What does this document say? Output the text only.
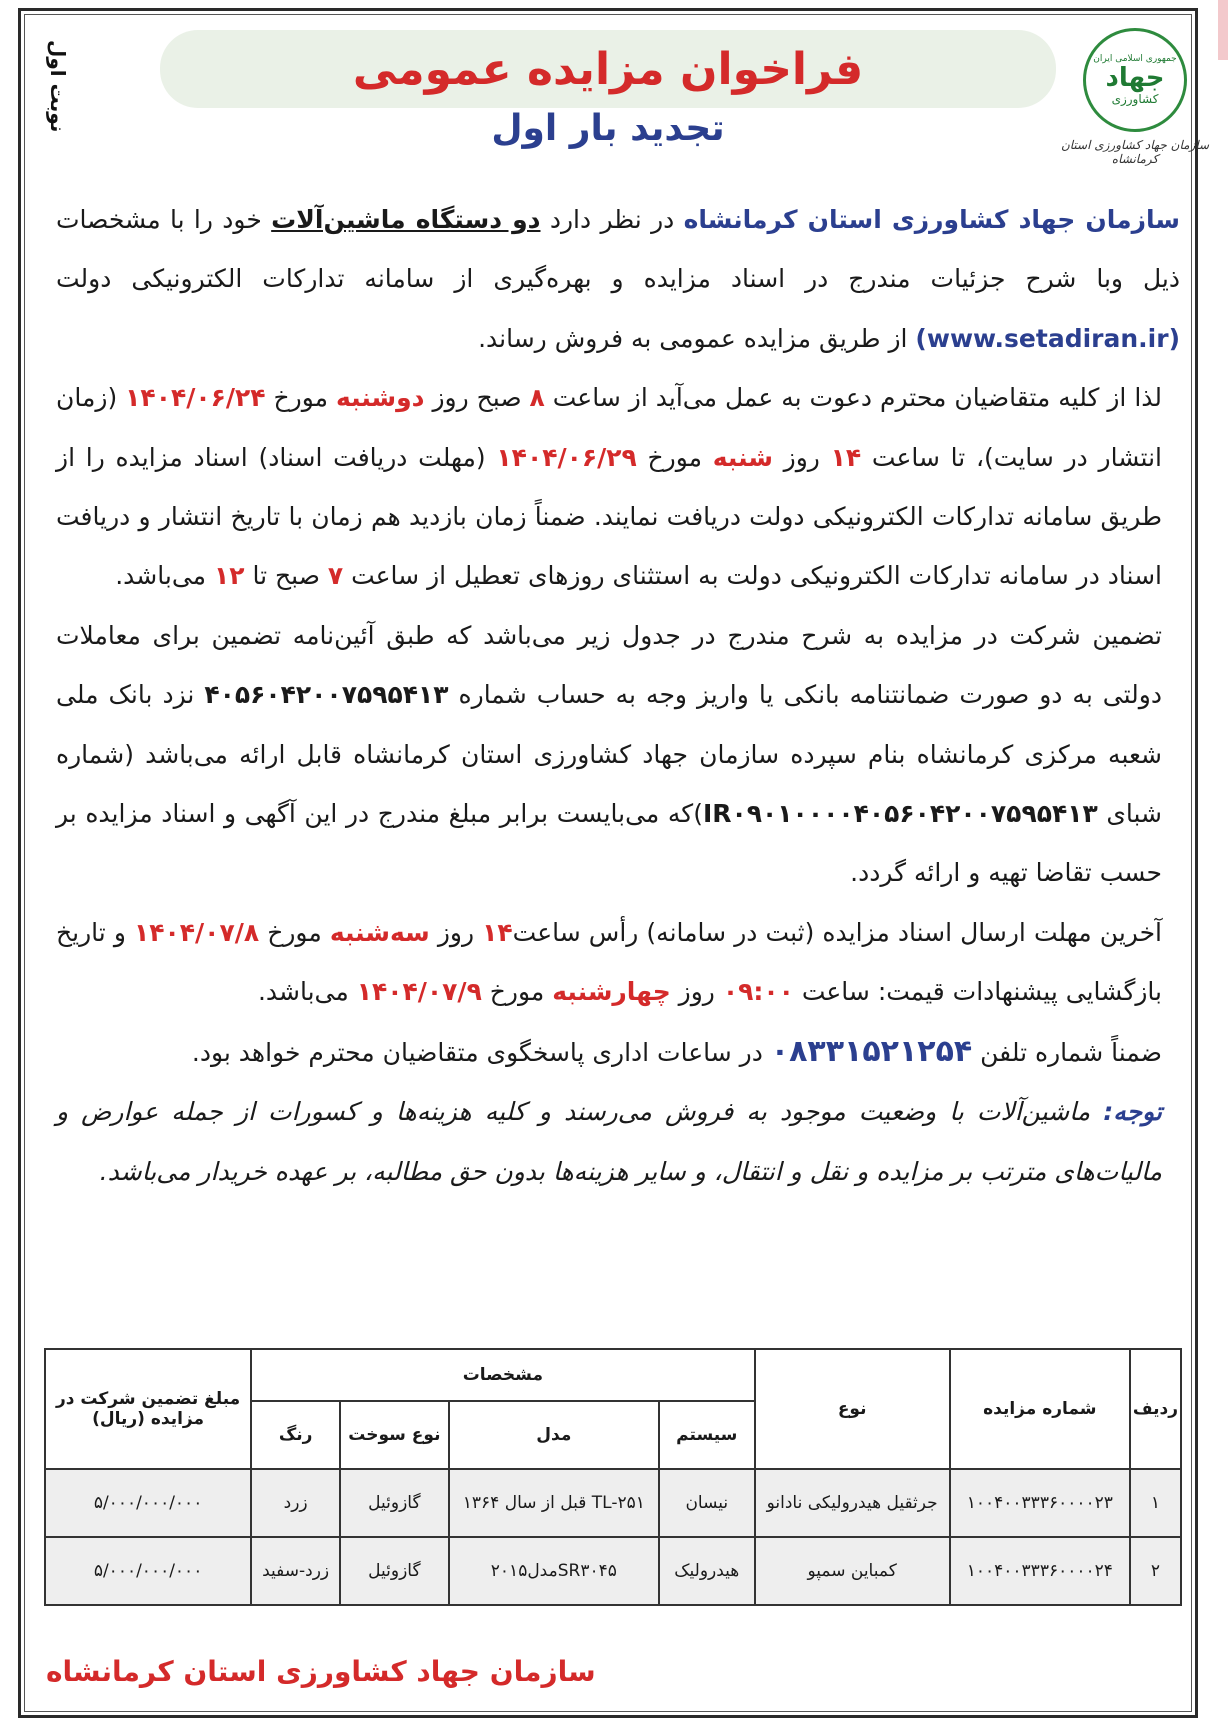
جمهوری اسلامی ایران
جهاد
کشاورزی
سازمان جهاد کشاورزی استان کرمانشاه
فراخوان مزایده عمومی
تجدید بار اول
نوبت اول

سازمان جهاد کشاورزی استان کرمانشاه در نظر دارد دو دستگاه ماشین‌آلات خود را با مشخصات ذیل وبا شرح جزئیات مندرج در اسناد مزایده و بهره‌گیری از سامانه تدارکات الکترونیکی دولت (www.setadiran.ir) از طریق مزایده عمومی به فروش رساند.

لذا از کلیه متقاضیان محترم دعوت به عمل می‌آید از ساعت ۸ صبح روز دوشنبه مورخ ۱۴۰۴/۰۶/۲۴ (زمان انتشار در سایت)، تا ساعت ۱۴ روز شنبه مورخ ۱۴۰۴/۰۶/۲۹ (مهلت دریافت اسناد) اسناد مزایده را از طریق سامانه تدارکات الکترونیکی دولت دریافت نمایند. ضمناً زمان بازدید هم زمان با تاریخ انتشار و دریافت اسناد در سامانه تدارکات الکترونیکی دولت به استثنای روزهای تعطیل از ساعت ۷ صبح تا ۱۲ می‌باشد.

تضمین شرکت در مزایده به شرح مندرج در جدول زیر می‌باشد که طبق آئین‌نامه تضمین برای معاملات دولتی به دو صورت ضمانتنامه بانکی یا واریز وجه به حساب شماره ۴۰۵۶۰۴۲۰۰۷۵۹۵۴۱۳ نزد بانک ملی شعبه مرکزی کرمانشاه بنام سپرده سازمان جهاد کشاورزی استان کرمانشاه قابل ارائه می‌باشد (شماره شبای IR۰۹۰۱۰۰۰۰۴۰۵۶۰۴۲۰۰۷۵۹۵۴۱۳)که می‌بایست برابر مبلغ مندرج در این آگهی و اسناد مزایده بر حسب تقاضا تهیه و ارائه گردد.

آخرین مهلت ارسال اسناد مزایده (ثبت در سامانه) رأس ساعت۱۴ روز سه‌شنبه مورخ ۱۴۰۴/۰۷/۸ و تاریخ بازگشایی پیشنهادات قیمت: ساعت ۰۹:۰۰ روز چهارشنبه مورخ ۱۴۰۴/۰۷/۹ می‌باشد.

ضمناً شماره تلفن ۰۸۳۳۱۵۲۱۲۵۴ در ساعات اداری پاسخگوی متقاضیان محترم خواهد بود.

توجه: ماشین‌آلات با وضعیت موجود به فروش می‌رسند و کلیه هزینه‌ها و کسورات از جمله عوارض و مالیات‌های مترتب بر مزایده و نقل و انتقال، و سایر هزینه‌ها بدون حق مطالبه، بر عهده خریدار می‌باشد.

ردیف	شماره مزایده	نوع	مشخصات				مبلغ تضمین شرکت در مزایده (ریال)
			سیستم	مدل	نوع سوخت	رنگ	
۱	۱۰۰۴۰۰۳۳۳۶۰۰۰۰۲۳	جرثقیل هیدرولیکی نادانو	نیسان	TL-۲۵۱ قبل از سال ۱۳۶۴	گازوئیل	زرد	۵/۰۰۰/۰۰۰/۰۰۰
۲	۱۰۰۴۰۰۳۳۳۶۰۰۰۰۲۴	کمباین سمپو	هیدرولیک	SR۳۰۴۵مدل۲۰۱۵	گازوئیل	زرد-سفید	۵/۰۰۰/۰۰۰/۰۰۰
سازمان جهاد کشاورزی استان کرمانشاه
